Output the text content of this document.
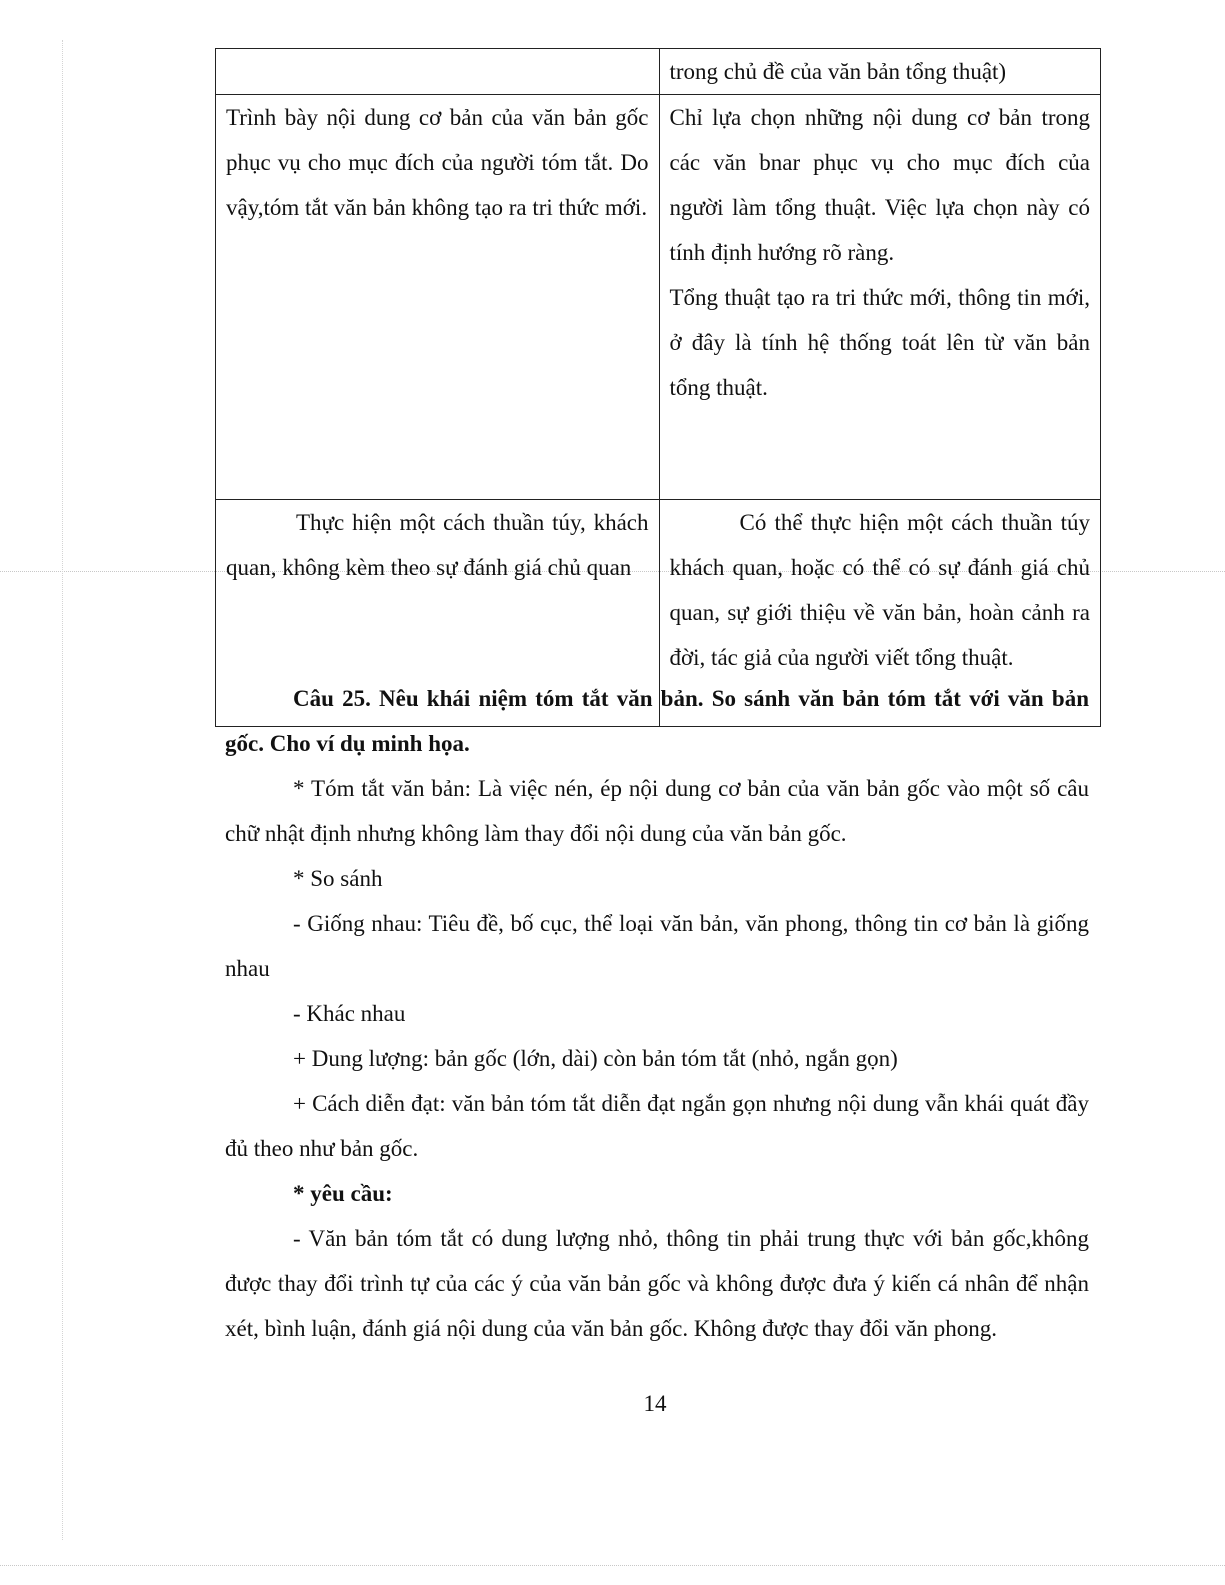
	trong chủ đề của văn bản tổng thuật)

Trình bày nội dung cơ bản của văn bản gốc phục vụ cho mục đích của người tóm tắt. Do vậy,tóm tắt văn bản không tạo ra tri thức mới.	Chỉ lựa chọn những nội dung cơ bản trong các văn bnar phục vụ cho mục đích của người làm tổng thuật. Việc lựa chọn này có tính định hướng rõ ràng.

Tổng thuật tạo ra tri thức mới, thông tin mới, ở đây là tính hệ thống toát lên từ văn bản tổng thuật.

Thực hiện một cách thuần túy, khách quan, không kèm theo sự đánh giá chủ quan	Có thể thực hiện một cách thuần túy khách quan, hoặc có thể có sự đánh giá chủ quan, sự giới thiệu về văn bản, hoàn cảnh ra đời, tác giả của người viết tổng thuật.

Câu 25. Nêu khái niệm tóm tắt văn bản. So sánh văn bản tóm tắt với văn bản gốc. Cho ví dụ minh họa.

* Tóm tắt văn bản: Là việc nén, ép nội dung cơ bản của văn bản gốc vào một số câu chữ nhật định nhưng không làm thay đổi nội dung của văn bản gốc.

* So sánh

- Giống nhau: Tiêu đề, bố cục, thể loại văn bản, văn phong, thông tin cơ bản là giống nhau

- Khác nhau

+ Dung lượng: bản gốc (lớn, dài) còn bản tóm tắt (nhỏ, ngắn gọn)

+ Cách diễn đạt: văn bản tóm tắt diễn đạt ngắn gọn nhưng nội dung vẫn khái quát đầy đủ theo như bản gốc.

* yêu cầu:

- Văn bản tóm tắt có dung lượng nhỏ, thông tin phải trung thực với bản gốc,không được thay đổi trình tự của các ý của văn bản gốc và không được đưa ý kiến cá nhân để nhận xét, bình luận, đánh giá nội dung của văn bản gốc. Không được thay đổi văn phong.

14
